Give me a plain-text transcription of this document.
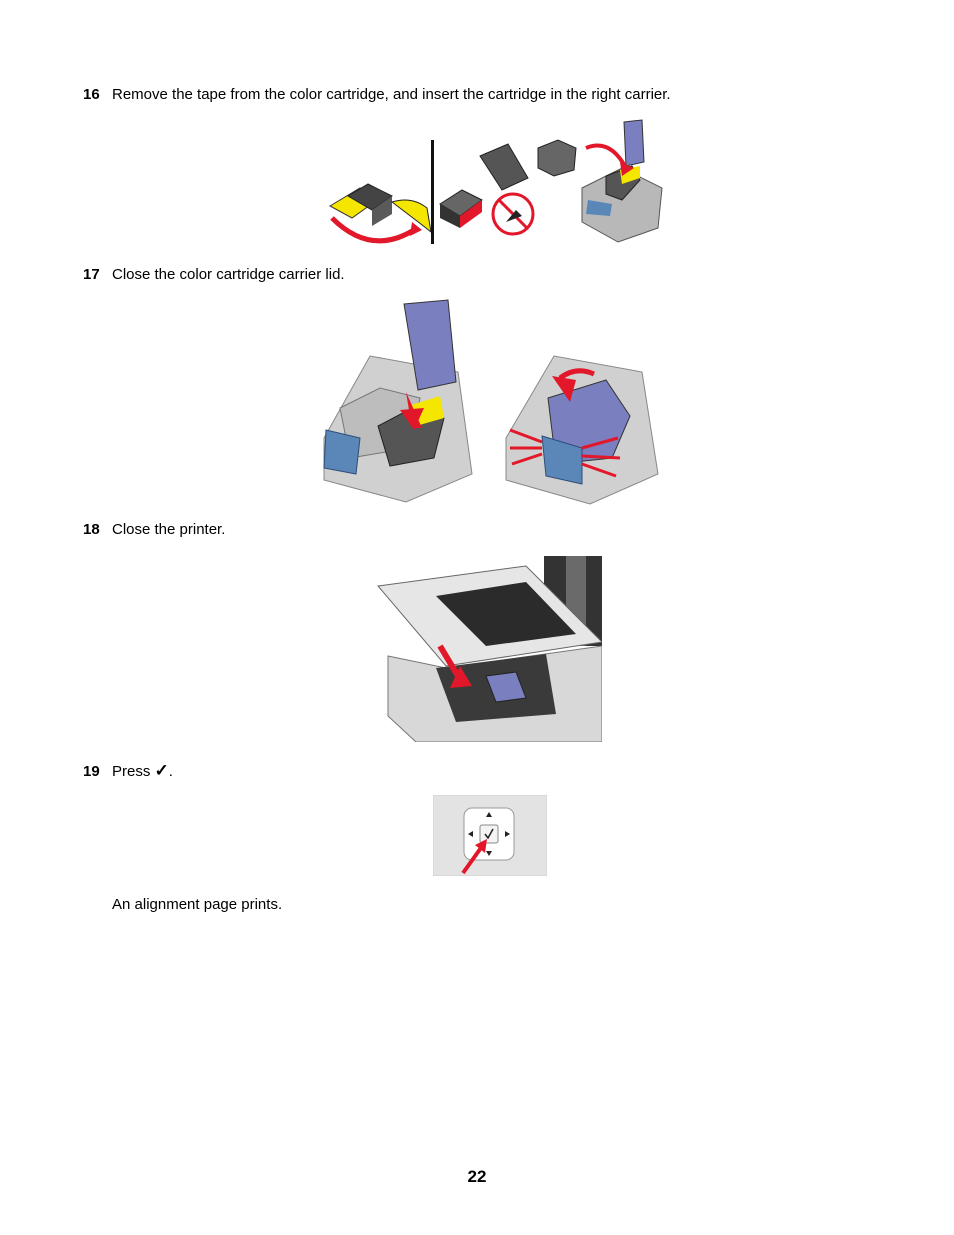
16 Remove the tape from the color cartridge, and insert the cartridge in the right carrier.
17 Close the color cartridge carrier lid.
18 Close the printer.
19 Press ✓.
An alignment page prints.
22
